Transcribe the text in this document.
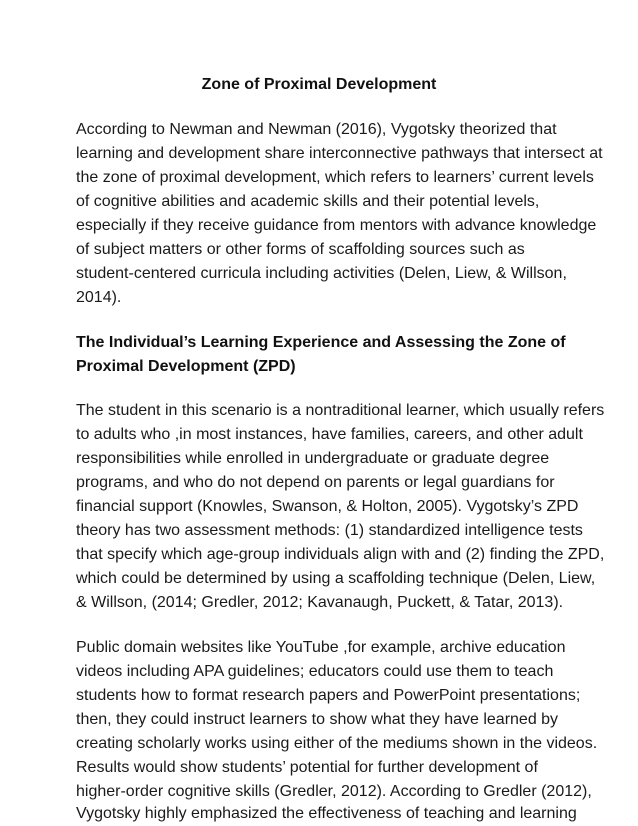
Zone of Proximal Development
According to Newman and Newman (2016), Vygotsky theorized that
learning and development share interconnective pathways that intersect at
the zone of proximal development, which refers to learners’ current levels
of cognitive abilities and academic skills and their potential levels,
especially if they receive guidance from mentors with advance knowledge
of subject matters or other forms of scaffolding sources such as
student-centered curricula including activities (Delen, Liew, & Willson,
2014).
The Individual’s Learning Experience and Assessing the Zone of
Proximal Development (ZPD)
The student in this scenario is a nontraditional learner, which usually refers
to adults who ,in most instances, have families, careers, and other adult
responsibilities while enrolled in undergraduate or graduate degree
programs, and who do not depend on parents or legal guardians for
financial support (Knowles, Swanson, & Holton, 2005). Vygotsky’s ZPD
theory has two assessment methods: (1) standardized intelligence tests
that specify which age-group individuals align with and (2) finding the ZPD,
which could be determined by using a scaffolding technique (Delen, Liew,
& Willson, (2014; Gredler, 2012; Kavanaugh, Puckett, & Tatar, 2013).
Public domain websites like YouTube ,for example, archive education
videos including APA guidelines; educators could use them to teach
students how to format research papers and PowerPoint presentations;
then, they could instruct learners to show what they have learned by
creating scholarly works using either of the mediums shown in the videos.
Results would show students’ potential for further development of
higher-order cognitive skills (Gredler, 2012). According to Gredler (2012),
Vygotsky highly emphasized the effectiveness of teaching and learning
